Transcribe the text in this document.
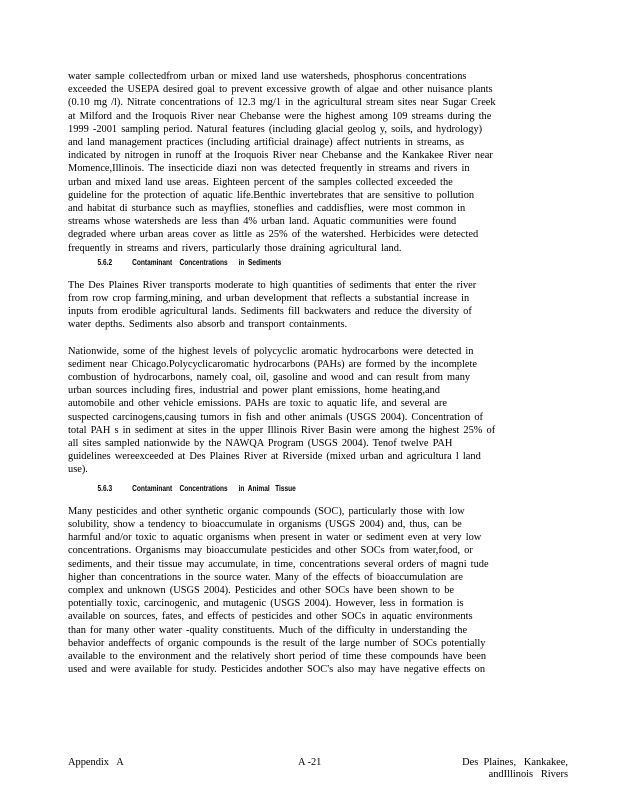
water sample collectedfrom urban or mixed land use watersheds, phosphorus concentrations
exceeded the USEPA desired goal to prevent excessive growth of algae and other nuisance plants
(0.10 mg /l). Nitrate concentrations of 12.3 mg/1 in the agricultural stream sites near Sugar Creek
at Milford and the Iroquois River near Chebanse were the highest among 109 streams during the
1999 -2001 sampling period. Natural features (including glacial geolog y, soils, and hydrology)
and land management practices (including artificial drainage) affect nutrients in streams, as
indicated by nitrogen in runoff at the Iroquois River near Chebanse and the Kankakee River near
Momence,Illinois. The insecticide diazi non was detected frequently in streams and rivers in
urban and mixed land use areas. Eighteen percent of the samples collected exceeded the
guideline for the protection of aquatic life.Benthic invertebrates that are sensitive to pollution
and habitat di sturbance such as mayflies, stoneflies and caddisflies, were most common in
streams whose watersheds are less than 4% urban land. Aquatic communities were found
degraded where urban areas cover as little as 25% of the watershed. Herbicides were detected
frequently in streams and rivers, particularly those draining agricultural land.
5.6.2	Contaminant    Concentrations      in  Sediments
The Des Plaines River transports moderate to high quantities of sediments that enter the river
from row crop farming,mining, and urban development that reflects a substantial increase in
inputs from erodible agricultural lands. Sediments fill backwaters and reduce the diversity of
water depths. Sediments also absorb and transport containments.
Nationwide, some of the highest levels of polycyclic aromatic hydrocarbons were detected in
sediment near Chicago.Polycyclicaromatic hydrocarbons (PAHs) are formed by the incomplete
combustion of hydrocarbons, namely coal, oil, gasoline and wood and can result from many
urban sources including fires, industrial and power plant emissions, home heating,and
automobile and other vehicle emissions. PAHs are toxic to aquatic life, and several are
suspected carcinogens,causing tumors in fish and other animals (USGS 2004). Concentration of
total PAH s in sediment at sites in the upper Illinois River Basin were among the highest 25% of
all sites sampled nationwide by the NAWQA Program (USGS 2004). Tenof twelve PAH
guidelines wereexceeded at Des Plaines River at Riverside (mixed urban and agricultura l land
use).
5.6.3	Contaminant    Concentrations      in  Animal   Tissue
Many pesticides and other synthetic organic compounds (SOC), particularly those with low
solubility, show a tendency to bioaccumulate in organisms (USGS 2004) and, thus, can be
harmful and/or toxic to aquatic organisms when present in water or sediment even at very low
concentrations. Organisms may bioaccumulate pesticides and other SOCs from water,food, or
sediments, and their tissue may accumulate, in time, concentrations several orders of magni tude
higher than concentrations in the source water. Many of the effects of bioaccumulation are
complex and unknown (USGS 2004). Pesticides and other SOCs have been shown to be
potentially toxic, carcinogenic, and mutagenic (USGS 2004). However, less in formation is
available on sources, fates, and effects of pesticides and other SOCs in aquatic environments
than for many other water -quality constituents. Much of the difficulty in understanding the
behavior andeffects of organic compounds is the result of the large number of SOCs potentially
available to the environment and the relatively short period of time these compounds have been
used and were available for study. Pesticides andother SOC's also may have negative effects on
Appendix   A	A -21	Des  Plaines,   Kankakee,
andIllinois   Rivers
